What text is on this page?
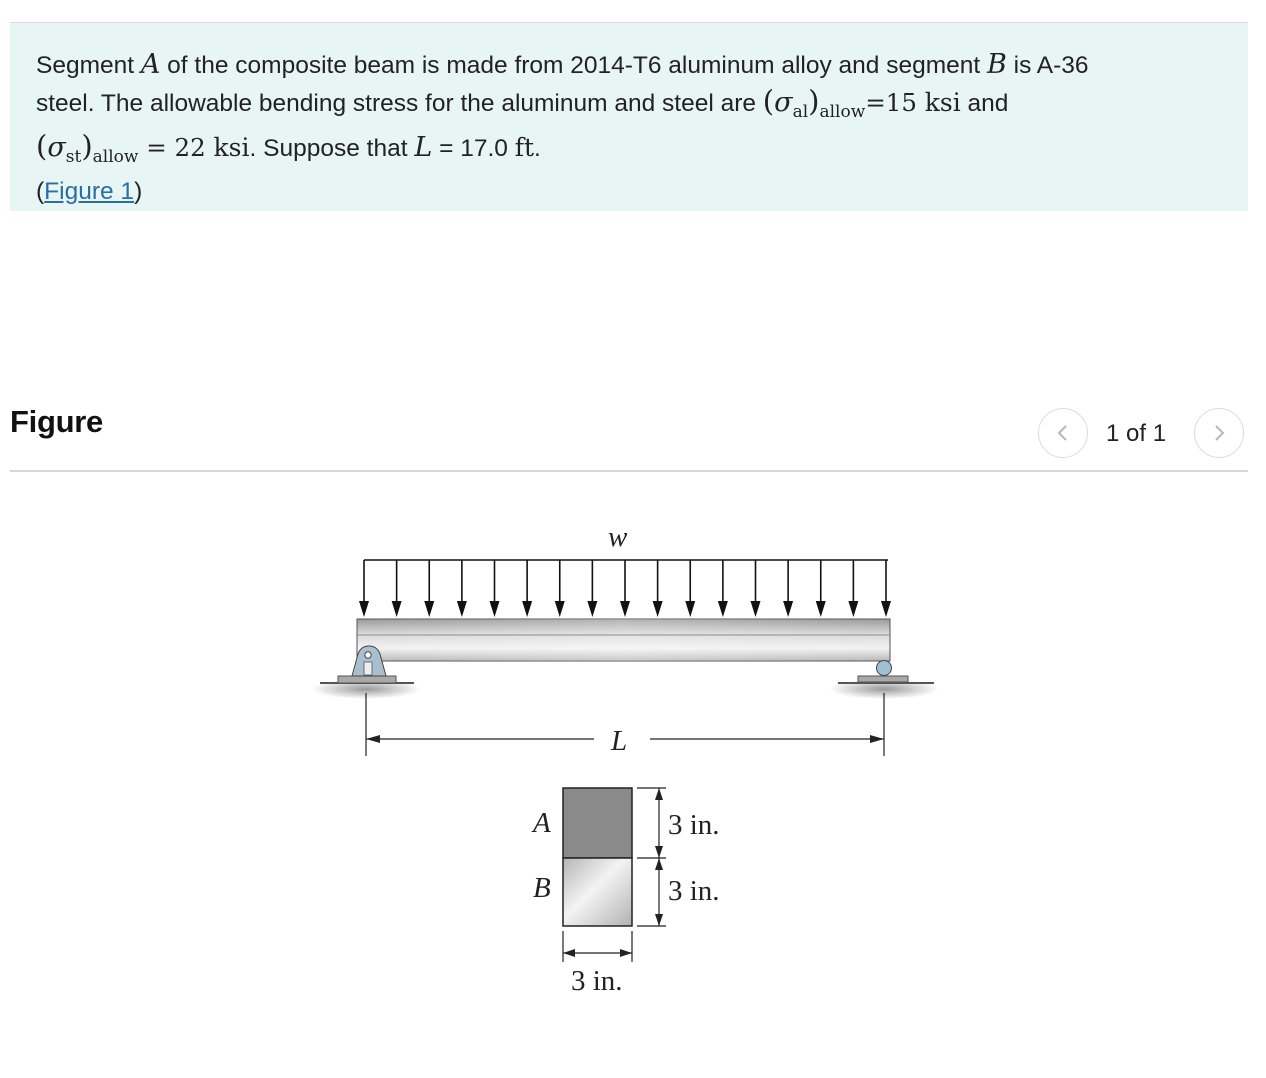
Segment A of the composite beam is made from 2014-T6 aluminum alloy and segment B is A-36
steel. The allowable bending stress for the aluminum and steel are $(\sigma_{al})_{allow}=15$ ksi and
$(\sigma_{st})_{allow} = 22$ ksi. Suppose that L = 17.0 ft.
(Figure 1)
Figure	1 of 1
w
L
A
B
3 in.
3 in.
3 in.
